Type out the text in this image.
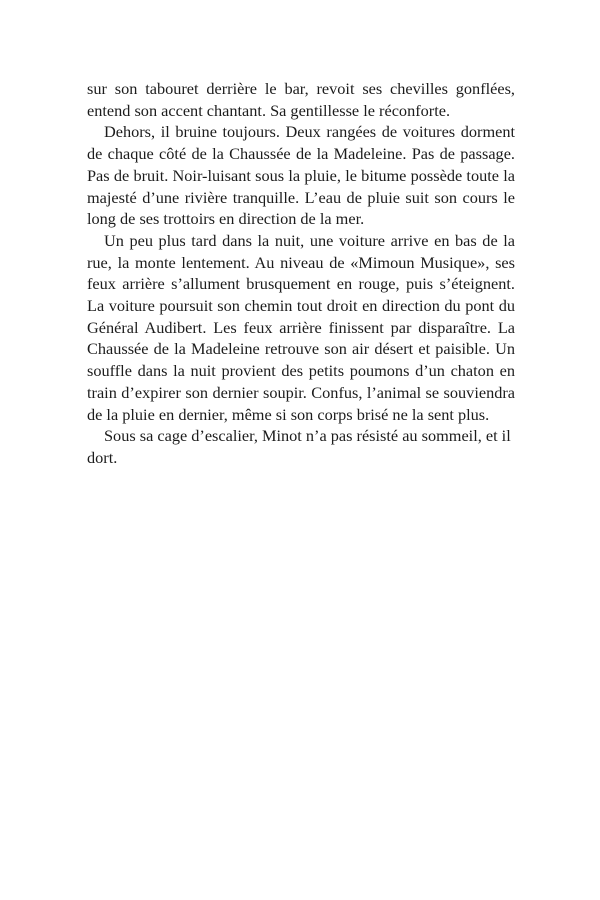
sur son tabouret derrière le bar, revoit ses chevilles gonflées, entend son accent chantant. Sa gentillesse le réconforte.

Dehors, il bruine toujours. Deux rangées de voitures dorment de chaque côté de la Chaussée de la Madeleine. Pas de passage. Pas de bruit. Noir-luisant sous la pluie, le bitume possède toute la majesté d’une rivière tranquille. L’eau de pluie suit son cours le long de ses trottoirs en direction de la mer.

Un peu plus tard dans la nuit, une voiture arrive en bas de la rue, la monte lentement. Au niveau de «Mimoun Musique», ses feux arrière s’allument brusquement en rouge, puis s’éteignent. La voiture poursuit son chemin tout droit en direction du pont du Général Audibert. Les feux arrière finissent par disparaître. La Chaussée de la Madeleine retrouve son air désert et paisible. Un souffle dans la nuit provient des petits poumons d’un chaton en train d’expirer son dernier soupir. Confus, l’animal se souviendra de la pluie en dernier, même si son corps brisé ne la sent plus.

Sous sa cage d’escalier, Minot n’a pas résisté au sommeil, et il dort.
